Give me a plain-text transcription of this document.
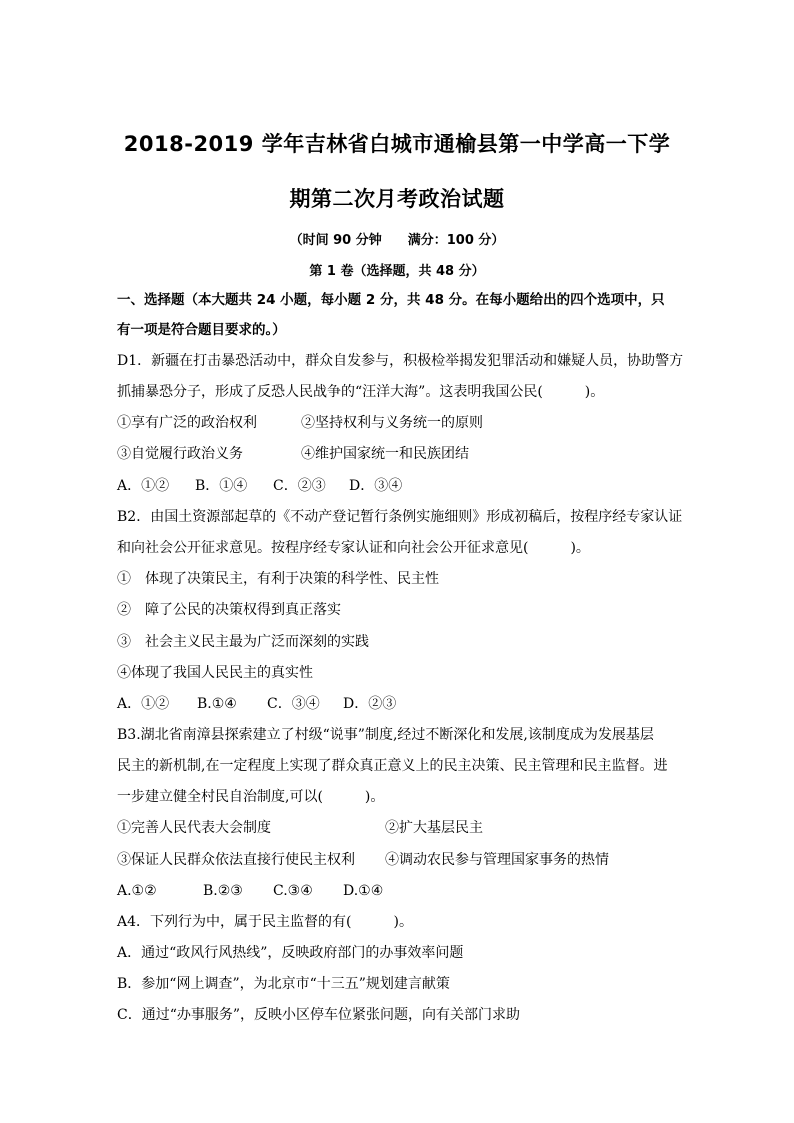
2018-2019 学年吉林省白城市通榆县第一中学高一下学
期第二次月考政治试题
（时间 90 分钟　　满分：100 分）
第 1 卷（选择题，共 48 分）
一、选择题（本大题共 24 小题，每小题 2 分，共 48 分。在每小题给出的四个选项中，只
有一项是符合题目要求的。）
D1．新疆在打击暴恐活动中，群众自发参与，积极检举揭发犯罪活动和嫌疑人员，协助警方
抓捕暴恐分子，形成了反恐人民战争的“汪洋大海”。这表明我国公民(　　　)。
①享有广泛的政治权利	②坚持权利与义务统一的原则
③自觉履行政治义务	④维护国家统一和民族团结
A．①② B．①④ C．②③ D．③④
B2．由国土资源部起草的《不动产登记暂行条例实施细则》形成初稿后，按程序经专家认证
和向社会公开征求意见。按程序经专家认证和向社会公开征求意见(　　　)。
①　体现了决策民主，有利于决策的科学性、民主性
②　障了公民的决策权得到真正落实
③　社会主义民主最为广泛而深刻的实践
④体现了我国人民民主的真实性
A．①② B.①④ C．③④ D．②③
B3.湖北省南漳县探索建立了村级“说事”制度,经过不断深化和发展,该制度成为发展基层
民主的新机制,在一定程度上实现了群众真正意义上的民主决策、民主管理和民主监督。进
一步建立健全村民自治制度,可以(　　　)。
①完善人民代表大会制度	②扩大基层民主
③保证人民群众依法直接行使民主权利 ④调动农民参与管理国家事务的热情
A.①②	B.②③ C.③④ D.①④
A4．下列行为中，属于民主监督的有(　　　)。
A．通过“政风行风热线”，反映政府部门的办事效率问题
B．参加“网上调查”，为北京市“十三五”规划建言献策
C．通过“办事服务”，反映小区停车位紧张问题，向有关部门求助
